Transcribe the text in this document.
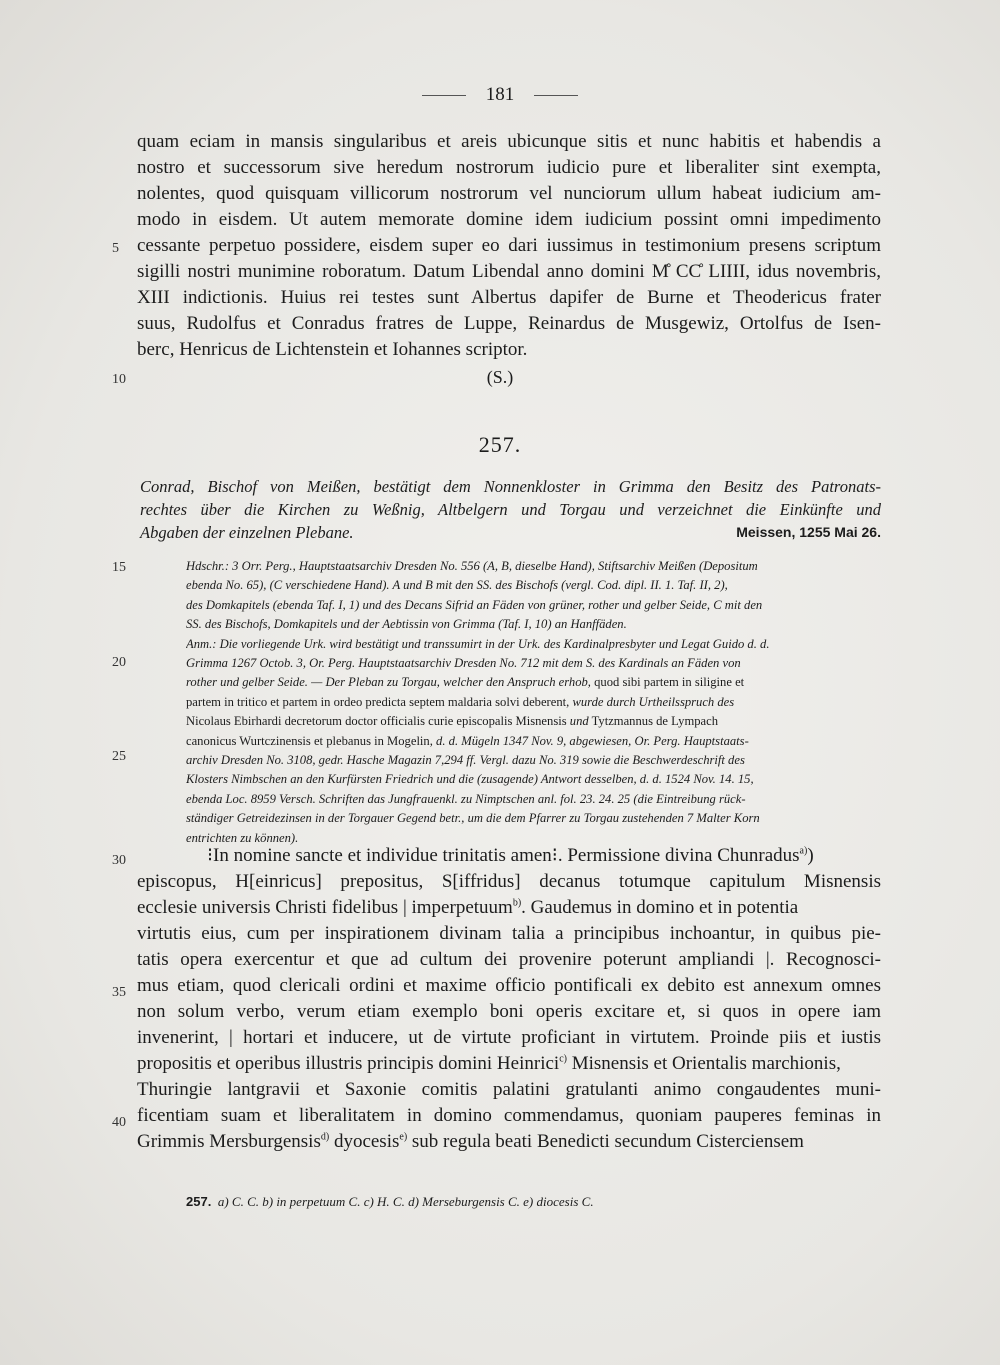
181
quam eciam in mansis singularibus et areis ubicunque sitis et nunc habitis et habendis a
nostro et successorum sive heredum nostrorum iudicio pure et liberaliter sint exempta,
nolentes, quod quisquam villicorum nostrorum vel nunciorum ullum habeat iudicium am-
modo in eisdem. Ut autem memorate domine idem iudicium possint omni impedimento
cessante perpetuo possidere, eisdem super eo dari iussimus in testimonium presens scriptum
sigilli nostri munimine roboratum. Datum Libendal anno domini M̊ CC̊ LIIII, idus novembris,
XIII indictionis. Huius rei testes sunt Albertus dapifer de Burne et Theodericus frater
suus, Rudolfus et Conradus fratres de Luppe, Reinardus de Musgewiz, Ortolfus de Isen-
berc, Henricus de Lichtenstein et Iohannes scriptor.
5
10
15
20
25
30
35
40
(S.)
257.
Conrad, Bischof von Meißen, bestätigt dem Nonnenkloster in Grimma den Besitz des Patronats-
rechtes über die Kirchen zu Weßnig, Altbelgern und Torgau und verzeichnet die Einkünfte und
Abgaben der einzelnen Plebane.	Meissen, 1255 Mai 26.
Hdschr.: 3 Orr. Perg., Hauptstaatsarchiv Dresden No. 556 (A, B, dieselbe Hand), Stiftsarchiv Meißen (Depositum
ebenda No. 65), (C verschiedene Hand). A und B mit den SS. des Bischofs (vergl. Cod. dipl. II. 1. Taf. II, 2),
des Domkapitels (ebenda Taf. I, 1) und des Decans Sifrid an Fäden von grüner, rother und gelber Seide, C mit den
SS. des Bischofs, Domkapitels und der Aebtissin von Grimma (Taf. I, 10) an Hanffäden.
Anm.: Die vorliegende Urk. wird bestätigt und transsumirt in der Urk. des Kardinalpresbyter und Legat Guido d. d.
Grimma 1267 Octob. 3, Or. Perg. Hauptstaatsarchiv Dresden No. 712 mit dem S. des Kardinals an Fäden von
rother und gelber Seide. — Der Pleban zu Torgau, welcher den Anspruch erhob, quod sibi partem in siligine et
partem in tritico et partem in ordeo predicta septem maldaria solvi deberent, wurde durch Urtheilsspruch des
Nicolaus Ebirhardi decretorum doctor officialis curie episcopalis Misnensis und Tytzmannus de Lympach
canonicus Wurtczinensis et plebanus in Mogelin, d. d. Mügeln 1347 Nov. 9, abgewiesen, Or. Perg. Hauptstaats-
archiv Dresden No. 3108, gedr. Hasche Magazin 7,294 ff. Vergl. dazu No. 319 sowie die Beschwerdeschrift des
Klosters Nimbschen an den Kurfürsten Friedrich und die (zusagende) Antwort desselben, d. d. 1524 Nov. 14. 15,
ebenda Loc. 8959 Versch. Schriften das Jungfrauenkl. zu Nimptschen anl. fol. 23. 24. 25 (die Eintreibung rück-
ständiger Getreidezinsen in der Torgauer Gegend betr., um die dem Pfarrer zu Torgau zustehenden 7 Malter Korn
entrichten zu können).
⁝In nomine sancte et individue trinitatis amen⁝. Permissione divina Chunradus$^{a)}$)
episcopus, H[einricus] prepositus, S[iffridus] decanus totumque capitulum Misnensis
ecclesie universis Christi fidelibus | imperpetuum$^{b)}$. Gaudemus in domino et in potentia
virtutis eius, cum per inspirationem divinam talia a principibus inchoantur, in quibus pie-
tatis opera exercentur et que ad cultum dei provenire poterunt ampliandi |. Recognosci-
mus etiam, quod clericali ordini et maxime officio pontificali ex debito est annexum omnes
non solum verbo, verum etiam exemplo boni operis excitare et, si quos in opere iam
invenerint, | hortari et inducere, ut de virtute proficiant in virtutem. Proinde piis et iustis
propositis et operibus illustris principis domini Heinrici$^{c)}$ Misnensis et Orientalis marchionis,
Thuringie lantgravii et Saxonie comitis palatini gratulanti animo congaudentes muni-
ficentiam suam et liberalitatem in domino commendamus, quoniam pauperes feminas in
Grimmis Mersburgensis$^{d)}$ dyocesis$^{e)}$ sub regula beati Benedicti secundum Cisterciensem
257. a) C. C. b) in perpetuum C. c) H. C. d) Merseburgensis C. e) diocesis C.
